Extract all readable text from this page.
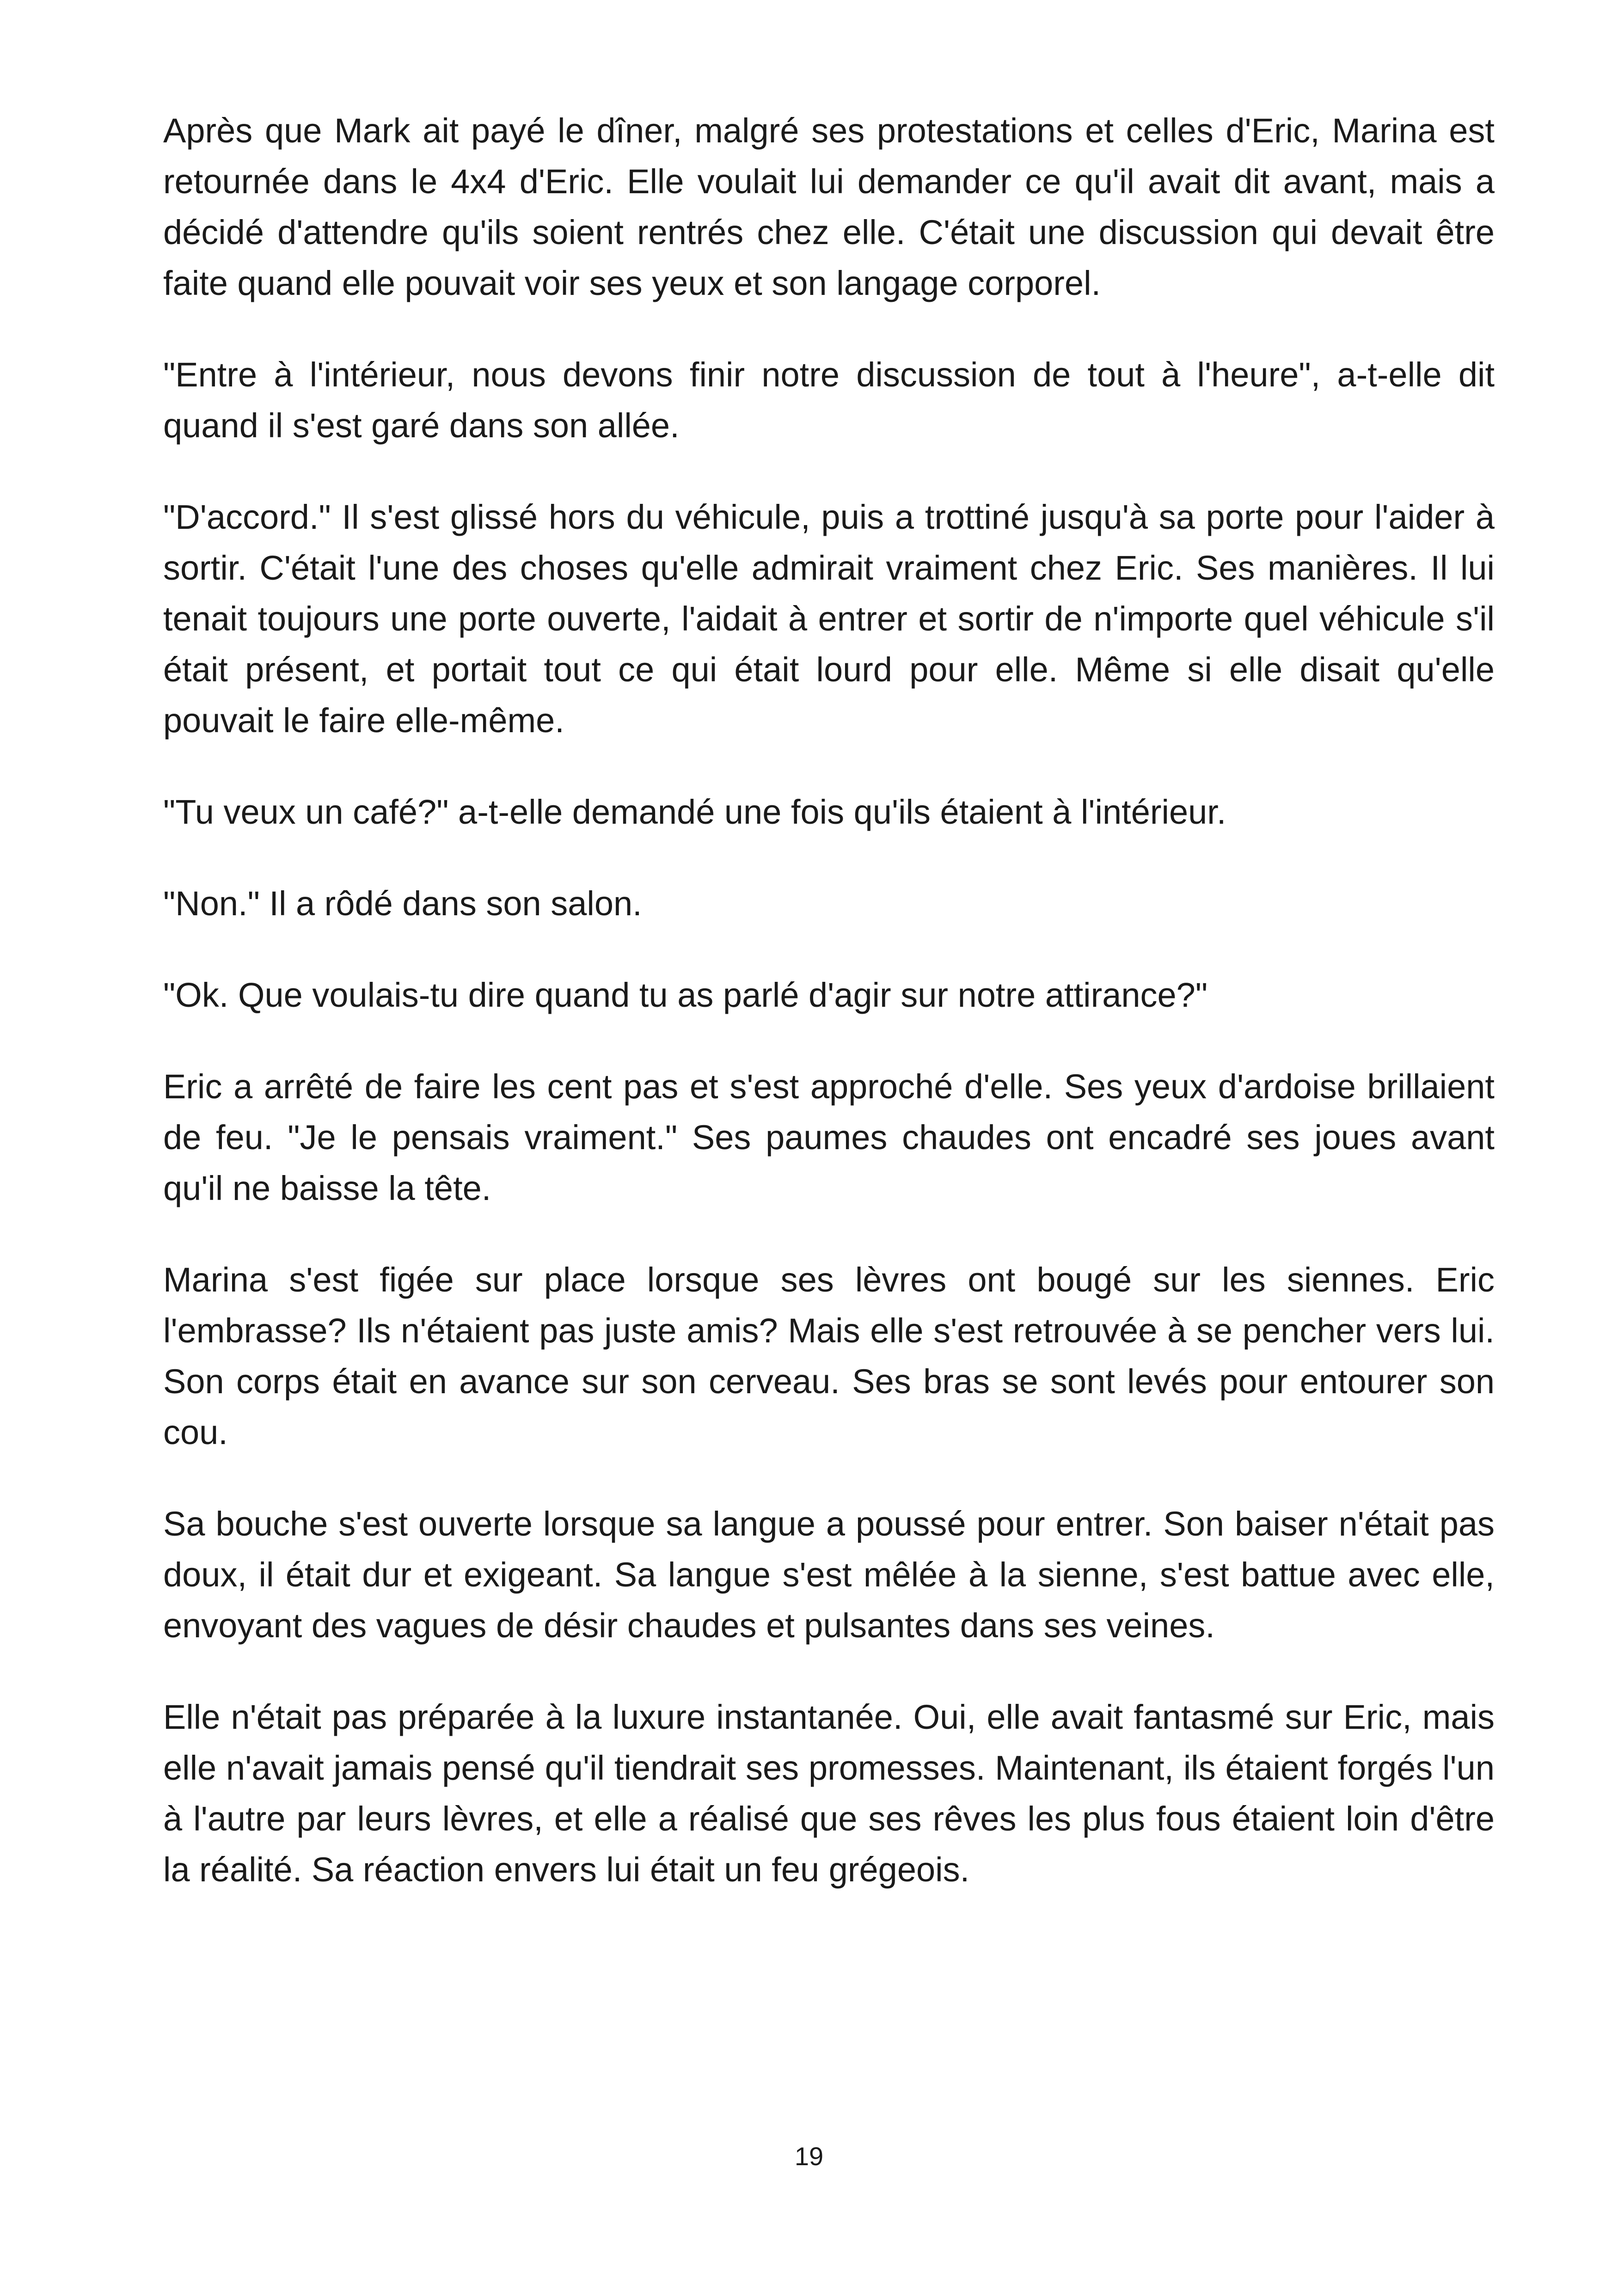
Après que Mark ait payé le dîner, malgré ses protestations et celles d'Eric, Marina est retournée dans le 4x4 d'Eric. Elle voulait lui demander ce qu'il avait dit avant, mais a décidé d'attendre qu'ils soient rentrés chez elle. C'était une discussion qui devait être faite quand elle pouvait voir ses yeux et son langage corporel.

"Entre à l'intérieur, nous devons finir notre discussion de tout à l'heure", a-t-elle dit quand il s'est garé dans son allée.

"D'accord." Il s'est glissé hors du véhicule, puis a trottiné jusqu'à sa porte pour l'aider à sortir. C'était l'une des choses qu'elle admirait vraiment chez Eric. Ses manières. Il lui tenait toujours une porte ouverte, l'aidait à entrer et sortir de n'importe quel véhicule s'il était présent, et portait tout ce qui était lourd pour elle. Même si elle disait qu'elle pouvait le faire elle-même.

"Tu veux un café?" a-t-elle demandé une fois qu'ils étaient à l'intérieur.

"Non." Il a rôdé dans son salon.

"Ok. Que voulais-tu dire quand tu as parlé d'agir sur notre attirance?"

Eric a arrêté de faire les cent pas et s'est approché d'elle. Ses yeux d'ardoise brillaient de feu. "Je le pensais vraiment." Ses paumes chaudes ont encadré ses joues avant qu'il ne baisse la tête.

Marina s'est figée sur place lorsque ses lèvres ont bougé sur les siennes. Eric l'embrasse? Ils n'étaient pas juste amis? Mais elle s'est retrouvée à se pencher vers lui. Son corps était en avance sur son cerveau. Ses bras se sont levés pour entourer son cou.

Sa bouche s'est ouverte lorsque sa langue a poussé pour entrer. Son baiser n'était pas doux, il était dur et exigeant. Sa langue s'est mêlée à la sienne, s'est battue avec elle, envoyant des vagues de désir chaudes et pulsantes dans ses veines.

Elle n'était pas préparée à la luxure instantanée. Oui, elle avait fantasmé sur Eric, mais elle n'avait jamais pensé qu'il tiendrait ses promesses. Maintenant, ils étaient forgés l'un à l'autre par leurs lèvres, et elle a réalisé que ses rêves les plus fous étaient loin d'être la réalité. Sa réaction envers lui était un feu grégeois.

19
